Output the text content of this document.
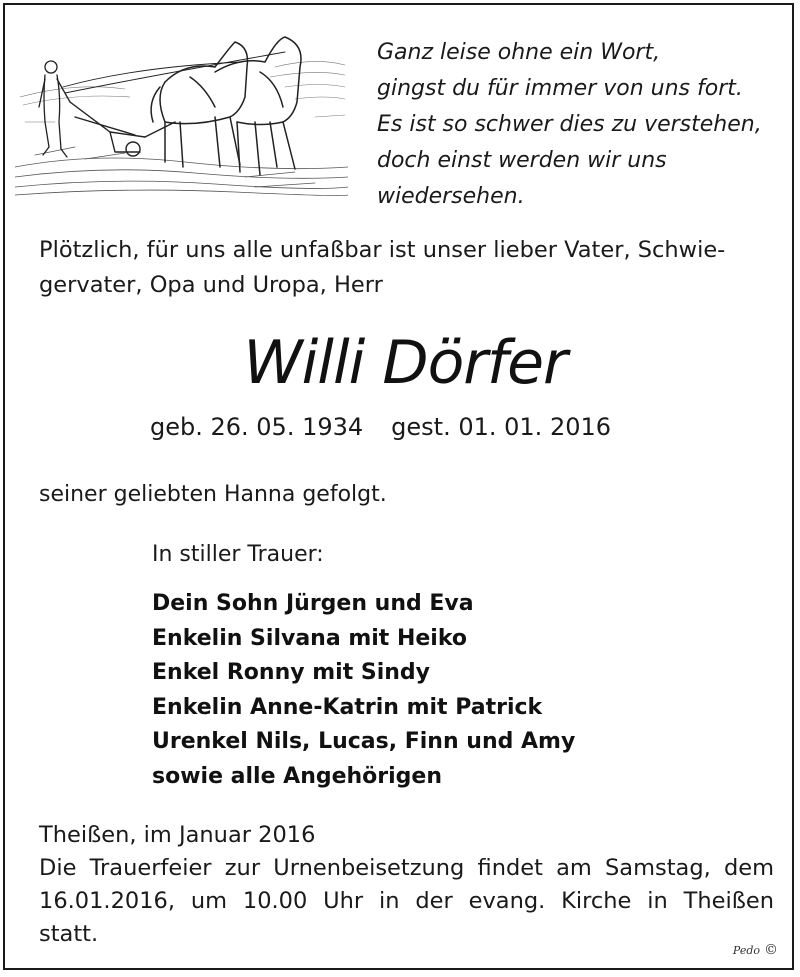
Ganz leise ohne ein Wort,
gingst du für immer von uns fort.
Es ist so schwer dies zu verstehen,
doch einst werden wir uns
wiedersehen.
Plötzlich, für uns alle unfaßbar ist unser lieber Vater, Schwie-
gervater, Opa und Uropa, Herr
Willi Dörfer
geb. 26. 05. 1934 gest. 01. 01. 2016
seiner geliebten Hanna gefolgt.
In stiller Trauer:
Dein Sohn Jürgen und Eva
Enkelin Silvana mit Heiko
Enkel Ronny mit Sindy
Enkelin Anne-Katrin mit Patrick
Urenkel Nils, Lucas, Finn und Amy
sowie alle Angehörigen
Theißen, im Januar 2016
Die Trauerfeier zur Urnenbeisetzung findet am Samstag, dem
16.01.2016, um 10.00 Uhr in der evang. Kirche in Theißen
statt.
Pedo ©
